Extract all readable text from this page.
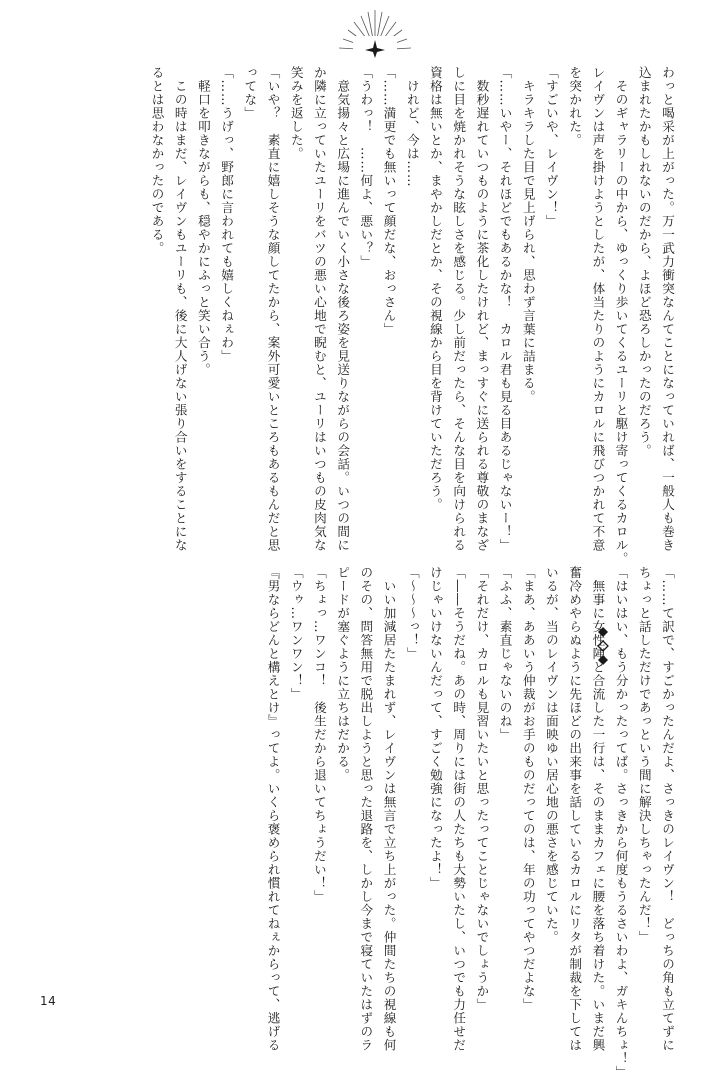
わっと喝采が上がった。万一武力衝突なんてことになっていれば、一般人も巻き

込まれたかもしれないのだから、よほど恐ろしかったのだろう。

　そのギャラリーの中から、ゆっくり歩いてくるユーリと駆け寄ってくるカロル。

レイヴンは声を掛けようとしたが、体当たりのようにカロルに飛びつかれて不意

を突かれた。

「すごいや、レイヴン！」

　キラキラした目で見上げられ、思わず言葉に詰まる。

「……いやー、それほどでもあるかな！　カロル君も見る目あるじゃないー！」

　数秒遅れていつものように茶化したけれど、まっすぐに送られる尊敬のまなざ

しに目を焼かれそうな眩しさを感じる。少し前だったら、そんな目を向けられる

資格は無いとか、まやかしだとか、その視線から目を背けていただろう。

　けれど、今は……

「……満更でも無いって顔だな、おっさん」

「うわっ！　……何よ、悪い？」

　意気揚々と広場に進んでいく小さな後ろ姿を見送りながらの会話。いつの間に

か隣に立っていたユーリをバツの悪い心地で睨むと、ユーリはいつもの皮肉気な

笑みを返した。

「いや？　素直に嬉しそうな顔してたから、案外可愛いところもあるもんだと思

ってな」

「……うげっ、野郎に言われても嬉しくねぇわ」

　軽口を叩きながらも、穏やかにふっと笑い合う。

　この時はまだ、レイヴンもユーリも、後に大人げない張り合いをすることにな

るとは思わなかったのである。

「……て訳で、すごかったんだよ、さっきのレイヴン！　どっちの角も立てずに

ちょっと話しただけであっという間に解決しちゃったんだ！」

「はいはい、もう分かったってば。さっきから何度もうるさいわよ、ガキんちょ！」

　無事に女性陣と合流した一行は、そのままカフェに腰を落ち着けた。いまだ興

奮冷めやらぬように先ほどの出来事を話しているカロルにリタが制裁を下しては

いるが、当のレイヴンは面映ゆい居心地の悪さを感じていた。

「まあ、ああいう仲裁がお手のものだってのは、年の功ってやつだよな」

「ふふ、素直じゃないのね」

「それだけ、カロルも見習いたいと思ったってことじゃないでしょうか」

「――そうだね。あの時、周りには街の人たちも大勢いたし、いつでも力任せだ

けじゃいけないんだって、すごく勉強になったよ！」

「～～～っ！」

　いい加減居たたまれず、レイヴンは無言で立ち上がった。仲間たちの視線も何

のその、問答無用で脱出しようと思った退路を、しかし今まで寝ていたはずのラ

ピードが塞ぐように立ちはだかる。

「ちょっ…ワンコ！　後生だから退いてちょうだい！」

「ウゥ…ワンワン！」

『男ならどんと構えとけ』ってよ。いくら褒められ慣れてねぇからって、逃げる

14
